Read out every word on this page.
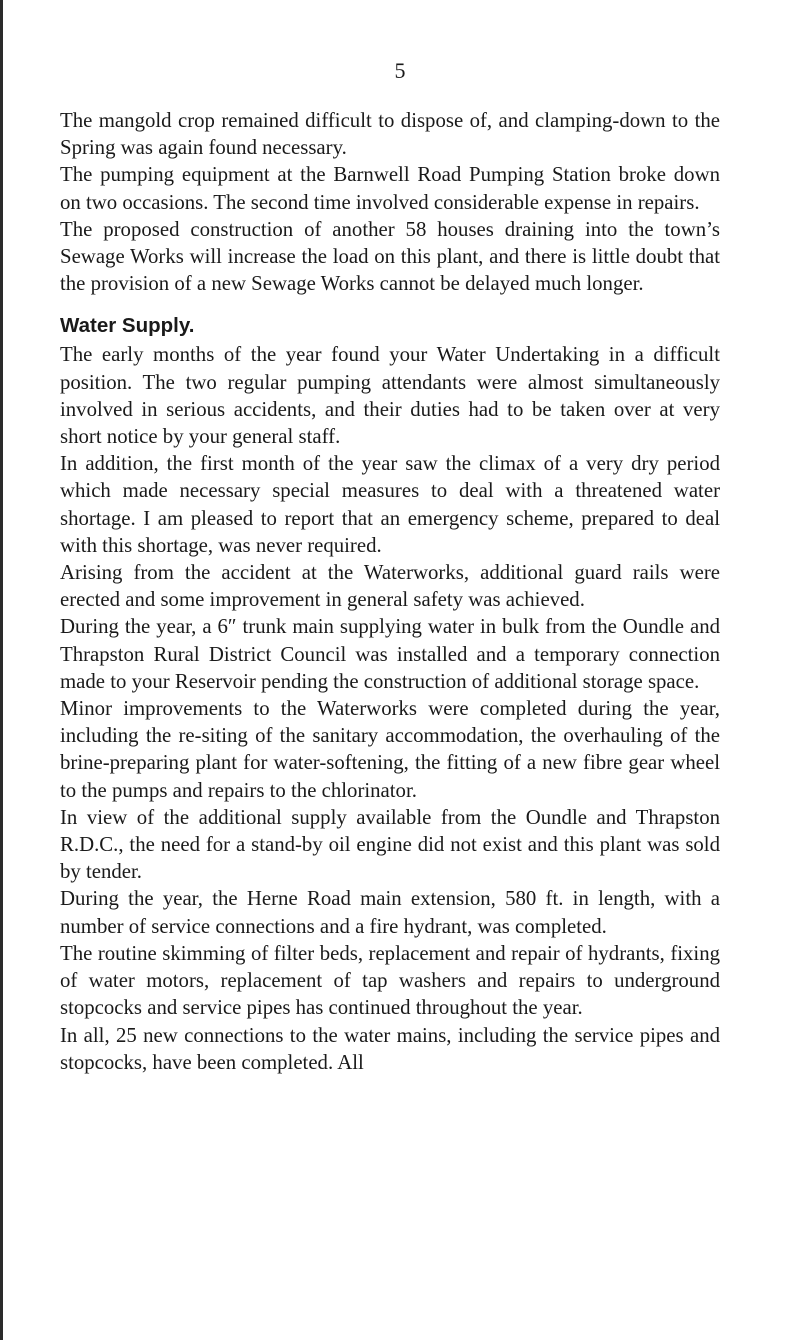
5

The mangold crop remained difficult to dispose of, and clamping-down to the Spring was again found necessary.

The pumping equipment at the Barnwell Road Pumping Station broke down on two occasions. The second time involved considerable expense in repairs.

The proposed construction of another 58 houses draining into the town’s Sewage Works will increase the load on this plant, and there is little doubt that the provision of a new Sewage Works cannot be delayed much longer.

Water Supply.

The early months of the year found your Water Undertaking in a difficult position. The two regular pumping attendants were almost simultaneously involved in serious accidents, and their duties had to be taken over at very short notice by your general staff.

In addition, the first month of the year saw the climax of a very dry period which made necessary special measures to deal with a threatened water shortage. I am pleased to report that an emergency scheme, prepared to deal with this shortage, was never required.

Arising from the accident at the Waterworks, additional guard rails were erected and some improvement in general safety was achieved.

During the year, a 6″ trunk main supplying water in bulk from the Oundle and Thrapston Rural District Council was installed and a temporary connection made to your Reservoir pending the construction of additional storage space.

Minor improvements to the Waterworks were completed during the year, including the re-siting of the sanitary accommodation, the overhauling of the brine-preparing plant for water-softening, the fitting of a new fibre gear wheel to the pumps and repairs to the chlorinator.

In view of the additional supply available from the Oundle and Thrapston R.D.C., the need for a stand-by oil engine did not exist and this plant was sold by tender.

During the year, the Herne Road main extension, 580 ft. in length, with a number of service connections and a fire hydrant, was completed.

The routine skimming of filter beds, replacement and repair of hydrants, fixing of water motors, replacement of tap washers and repairs to underground stopcocks and service pipes has continued throughout the year.

In all, 25 new connections to the water mains, including the service pipes and stopcocks, have been completed. All
